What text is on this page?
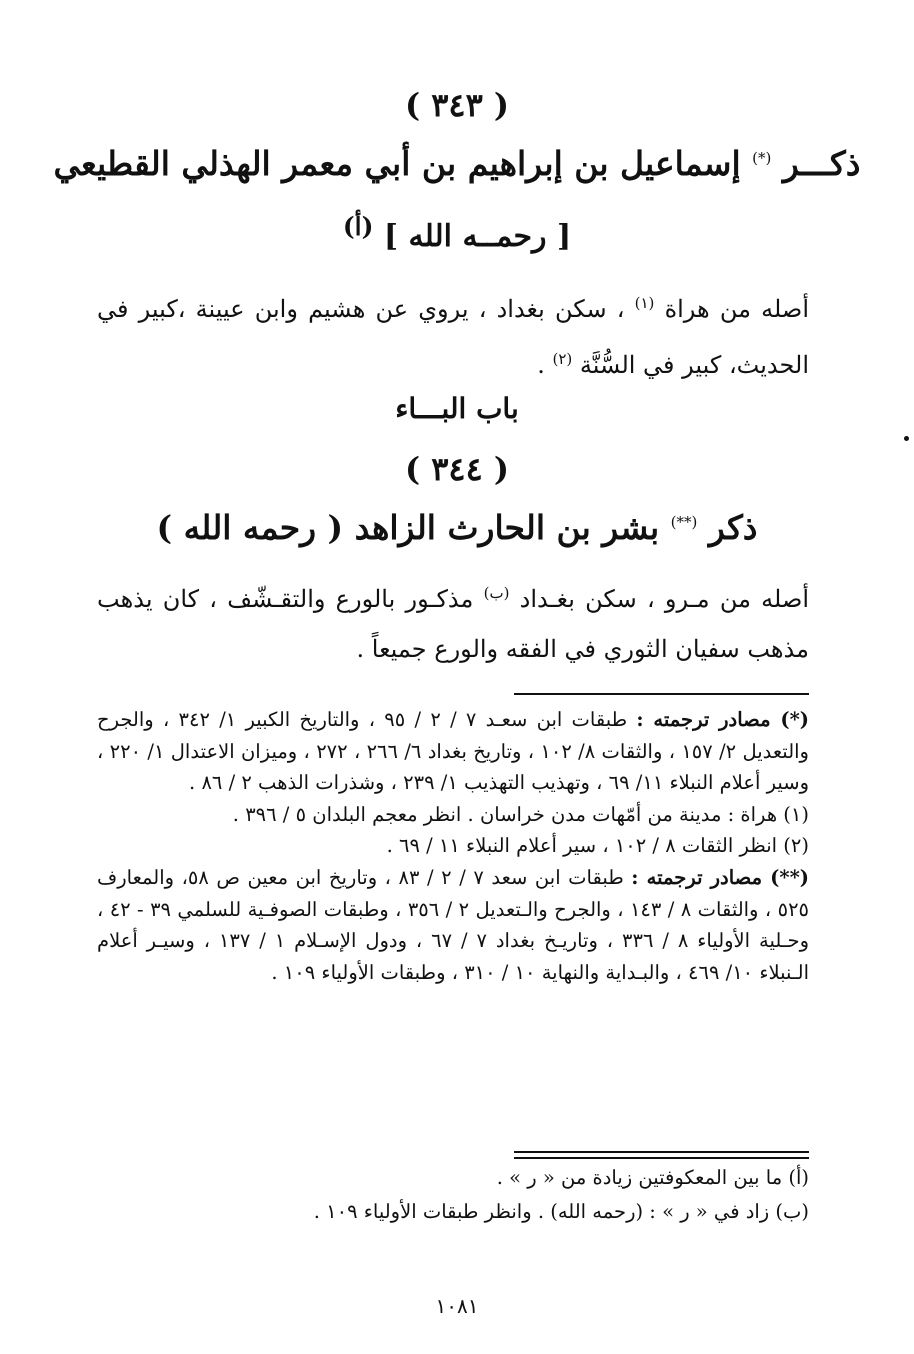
( ٣٤٣ )
ذكـــر (*) إسماعيل بن إبراهيم بن أبي معمر الهذلي القطيعي
[ رحمــه الله ] $^{(أ)}$
أصله من هراة $^{(١)}$ ، سكن بغداد ، يروي عن هشيم وابن عيينة ،كبير في الحديث، كبير في السُّنَّة $^{(٢)}$ .
باب البـــاء
( ٣٤٤ )
ذكر (**) بشر بن الحارث الزاهد ( رحمه الله )
أصله من مـرو ، سكن بغـداد $^{(ب)}$ مذكـور بالورع والتقـشّف ، كان يذهب مذهب سفيان الثوري في الفقه والورع جميعاً .

(*) مصادر ترجمته : طبقات ابن سعـد ٧ / ٢ / ٩٥ ، والتاريخ الكبير ١/ ٣٤٢ ، والجرح والتعديل ٢/ ١٥٧ ، والثقات ٨/ ١٠٢ ، وتاريخ بغداد ٦/ ٢٦٦ ، ٢٧٢ ، وميزان الاعتدال ١/ ٢٢٠ ، وسير أعلام النبلاء ١١/ ٦٩ ، وتهذيب التهذيب ١/ ٢٣٩ ، وشذرات الذهب ٢ / ٨٦ .

(١) هراة : مدينة من أمّهات مدن خراسان . انظر معجم البلدان ٥ / ٣٩٦ .

(٢) انظر الثقات ٨ / ١٠٢ ، سير أعلام النبلاء ١١ / ٦٩ .

(**) مصادر ترجمته : طبقات ابن سعد ٧ / ٢ / ٨٣ ، وتاريخ ابن معين ص ٥٨، والمعارف ٥٢٥ ، والثقات ٨ / ١٤٣ ، والجرح والـتعديل ٢ / ٣٥٦ ، وطبقات الصوفـية للسلمي ٣٩ - ٤٢ ، وحـلية الأولياء ٨ / ٣٣٦ ، وتاريـخ بغداد ٧ / ٦٧ ، ودول الإسـلام ١ / ١٣٧ ، وسيـر أعلام الـنبلاء ١٠/ ٤٦٩ ، والبـداية والنهاية ١٠ / ٣١٠ ، وطبقات الأولياء ١٠٩ .

(أ) ما بين المعكوفتين زيادة من « ر » .

(ب) زاد في « ر » : (رحمه الله) . وانظر طبقات الأولياء ١٠٩ .

١٠٨١
